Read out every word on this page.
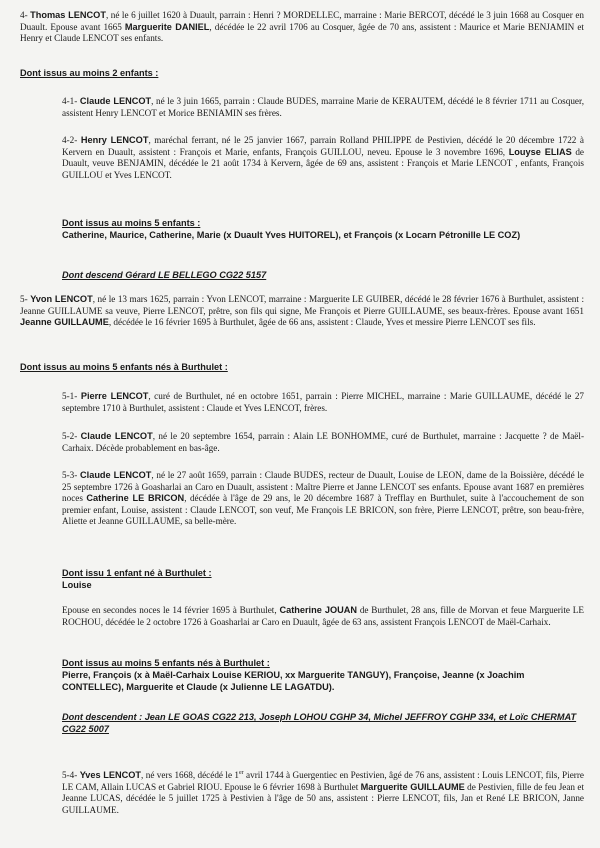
4- Thomas LENCOT, né le 6 juillet 1620 à Duault, parrain : Henri ? MORDELLEC, marraine : Marie BERCOT, décédé le 3 juin 1668 au Cosquer en Duault. Epouse avant 1665 Marguerite DANIEL, décédée le 22 avril 1706 au Cosquer, âgée de 70 ans, assistent : Maurice et Marie BENJAMIN et Henry et Claude LENCOT ses enfants.
Dont issus au moins 2 enfants :
4-1- Claude LENCOT, né le 3 juin 1665, parrain : Claude BUDES, marraine Marie de KERAUTEM, décédé le 8 février 1711 au Cosquer, assistent Henry LENCOT et Morice BENIAMIN ses frères.
4-2- Henry LENCOT, maréchal ferrant, né le 25 janvier 1667, parrain Rolland PHILIPPE de Pestivien, décédé le 20 décembre 1722 à Kervern en Duault, assistent : François et Marie, enfants, François GUILLOU, neveu. Epouse le 3 novembre 1696, Louyse ELIAS de Duault, veuve BENJAMIN, décédée le 21 août 1734 à Kervern, âgée de 69 ans, assistent : François et Marie LENCOT , enfants, François GUILLOU et Yves LENCOT.
Dont issus au moins 5 enfants :
Catherine, Maurice, Catherine, Marie (x Duault Yves HUITOREL), et François (x Locarn Pétronille LE COZ)
Dont descend Gérard LE BELLEGO CG22 5157
5- Yvon LENCOT, né le 13 mars 1625, parrain : Yvon LENCOT, marraine : Marguerite LE GUIBER, décédé le 28 février 1676 à Burthulet, assistent : Jeanne GUILLAUME sa veuve, Pierre LENCOT, prêtre, son fils qui signe, Me François et Pierre GUILLAUME, ses beaux-frères. Epouse avant 1651 Jeanne GUILLAUME, décédée le 16 février 1695 à Burthulet, âgée de 66 ans, assistent : Claude, Yves et messire Pierre LENCOT ses fils.
Dont issus au moins 5 enfants nés à Burthulet :
5-1- Pierre LENCOT, curé de Burthulet, né en octobre 1651, parrain : Pierre MICHEL, marraine : Marie GUILLAUME, décédé le 27 septembre 1710 à Burthulet, assistent : Claude et Yves LENCOT, frères.
5-2- Claude LENCOT, né le 20 septembre 1654, parrain : Alain LE BONHOMME, curé de Burthulet, marraine : Jacquette ? de Maël-Carhaix. Décède probablement en bas-âge.
5-3- Claude LENCOT, né le 27 août 1659, parrain : Claude BUDES, recteur de Duault, Louise de LEON, dame de la Boissière, décédé le 25 septembre 1726 à Goasharlai an Caro en Duault, assistent : Maître Pierre et Janne LENCOT ses enfants. Epouse avant 1687 en premières noces Catherine LE BRICON, décédée à l'âge de 29 ans, le 20 décembre 1687 à Trefflay en Burthulet, suite à l'accouchement de son premier enfant, Louise, assistent : Claude LENCOT, son veuf, Me François LE BRICON, son frère, Pierre LENCOT, prêtre, son beau-frère, Aliette et Jeanne GUILLAUME, sa belle-mère.
Dont issu 1 enfant né à Burthulet :
Louise
Epouse en secondes noces le 14 février 1695 à Burthulet, Catherine JOUAN de Burthulet, 28 ans, fille de Morvan et feue Marguerite LE ROCHOU, décédée le 2 octobre 1726 à Goasharlai ar Caro en Duault, âgée de 63 ans, assistent François LENCOT de Maël-Carhaix.
Dont issus au moins 5 enfants nés à Burthulet :
Pierre, François (x à Maël-Carhaix Louise KERIOU, xx Marguerite TANGUY), Françoise, Jeanne (x Joachim CONTELLEC), Marguerite et Claude (x Julienne LE LAGATDU).
Dont descendent : Jean LE GOAS CG22 213, Joseph LOHOU CGHP 34, Michel JEFFROY CGHP 334, et Loïc CHERMAT CG22 5007
5-4- Yves LENCOT, né vers 1668, décédé le 1er avril 1744 à Guergentiec en Pestivien, âgé de 76 ans, assistent : Louis LENCOT, fils, Pierre LE CAM, Allain LUCAS et Gabriel RIOU. Epouse le 6 février 1698 à Burthulet Marguerite GUILLAUME de Pestivien, fille de feu Jean et Jeanne LUCAS, décédée le 5 juillet 1725 à Pestivien à l'âge de 50 ans, assistent : Pierre LENCOT, fils, Jan et René LE BRICON, Janne GUILLAUME.
